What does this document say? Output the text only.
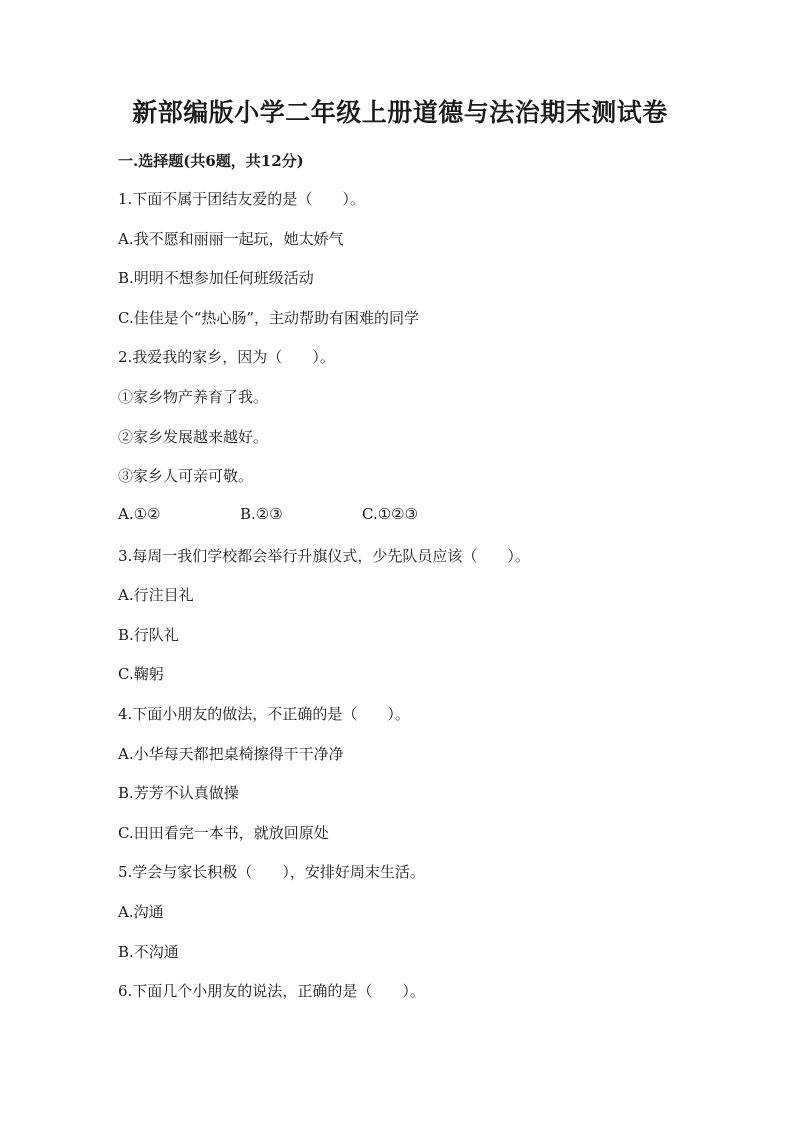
新部编版小学二年级上册道德与法治期末测试卷
一.选择题(共6题，共12分)
1.下面不属于团结友爱的是（　　）。
A.我不愿和丽丽一起玩，她太娇气
B.明明不想参加任何班级活动
C.佳佳是个“热心肠”，主动帮助有困难的同学
2.我爱我的家乡，因为（　　）。
①家乡物产养育了我。
②家乡发展越来越好。
③家乡人可亲可敬。
A.①②	B.②③	C.①②③
3.每周一我们学校都会举行升旗仪式，少先队员应该（　　）。
A.行注目礼
B.行队礼
C.鞠躬
4.下面小朋友的做法，不正确的是（　　）。
A.小华每天都把桌椅擦得干干净净
B.芳芳不认真做操
C.田田看完一本书，就放回原处
5.学会与家长积极（　　），安排好周末生活。
A.沟通
B.不沟通
6.下面几个小朋友的说法，正确的是（　　）。
